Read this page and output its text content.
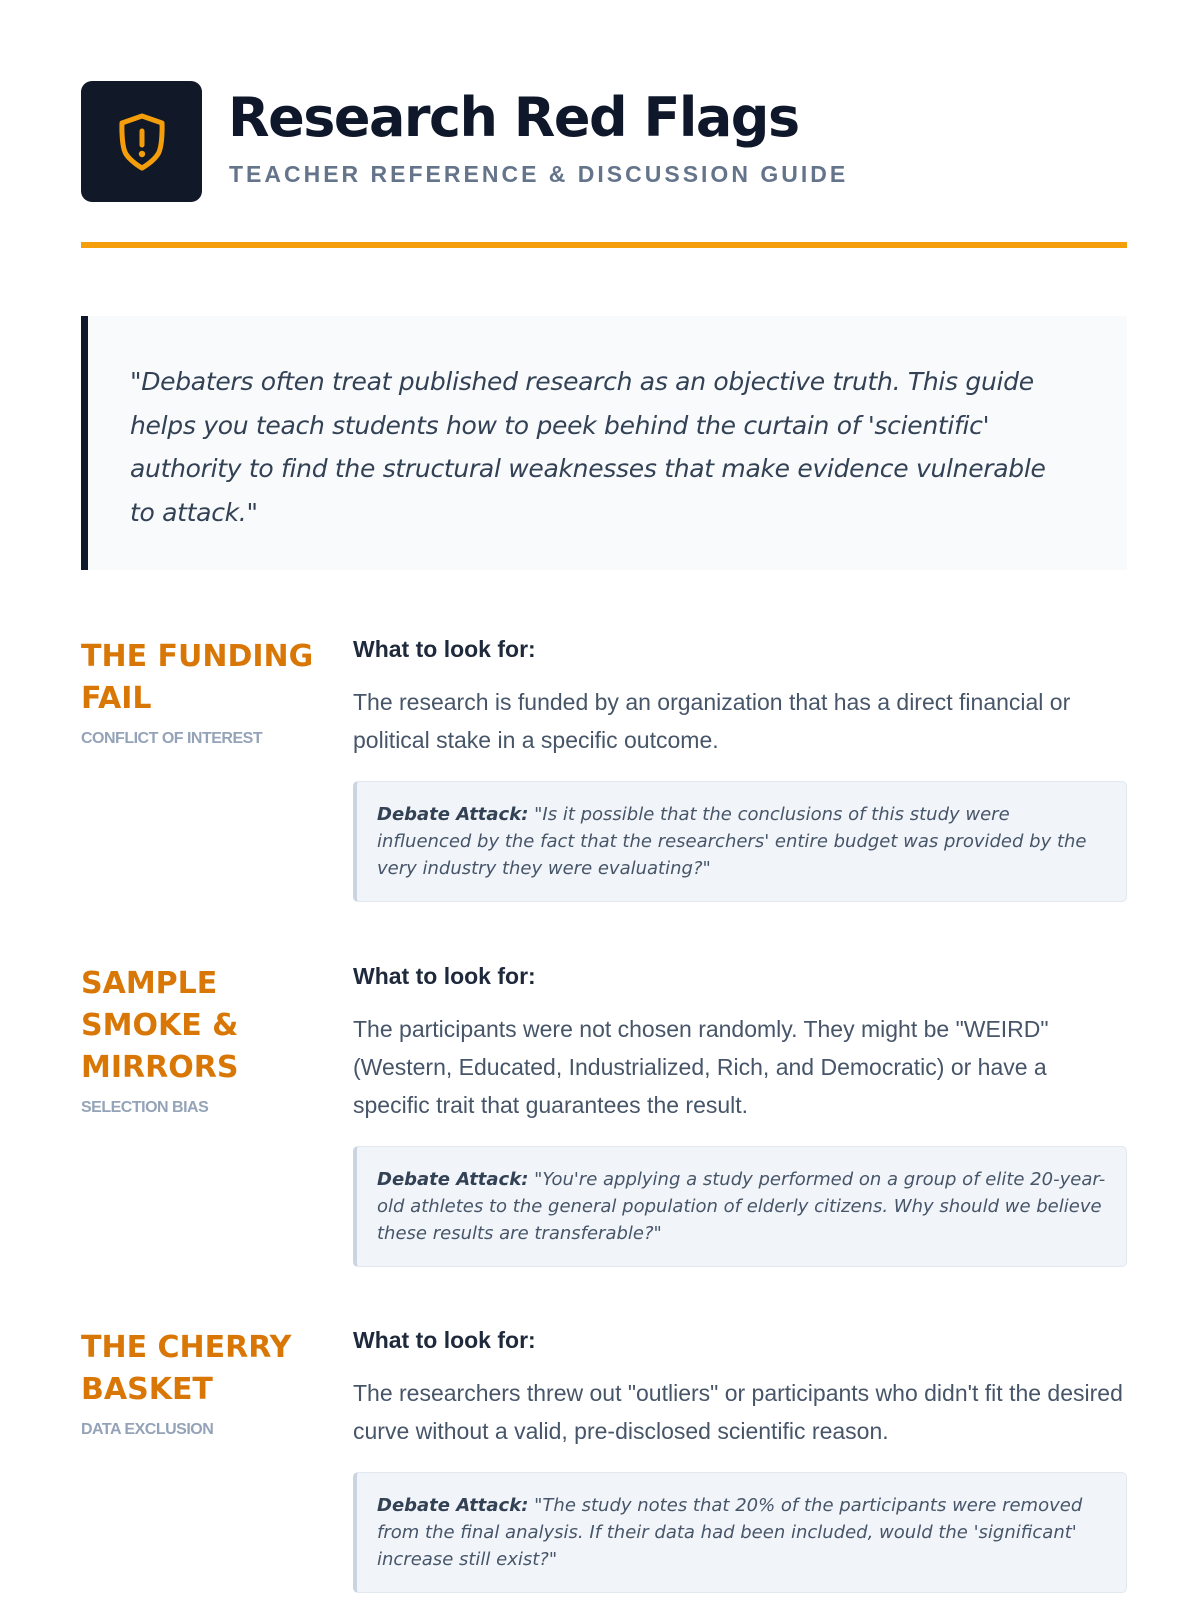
Research Red Flags
TEACHER REFERENCE & DISCUSSION GUIDE

"Debaters often treat published research as an objective truth. This guide helps you teach students how to peek behind the curtain of 'scientific' authority to find the structural weaknesses that make evidence vulnerable to attack."

THE FUNDING FAIL
CONFLICT OF INTEREST
What to look for:
The research is funded by an organization that has a direct financial or political stake in a specific outcome.
Debate Attack: "Is it possible that the conclusions of this study were influenced by the fact that the researchers' entire budget was provided by the very industry they were evaluating?"
SAMPLE SMOKE & MIRRORS
SELECTION BIAS
What to look for:
The participants were not chosen randomly. They might be "WEIRD" (Western, Educated, Industrialized, Rich, and Democratic) or have a specific trait that guarantees the result.
Debate Attack: "You're applying a study performed on a group of elite 20-year-old athletes to the general population of elderly citizens. Why should we believe these results are transferable?"
THE CHERRY BASKET
DATA EXCLUSION
What to look for:
The researchers threw out "outliers" or participants who didn't fit the desired curve without a valid, pre-disclosed scientific reason.
Debate Attack: "The study notes that 20% of the participants were removed from the final analysis. If their data had been included, would the 'significant' increase still exist?"
